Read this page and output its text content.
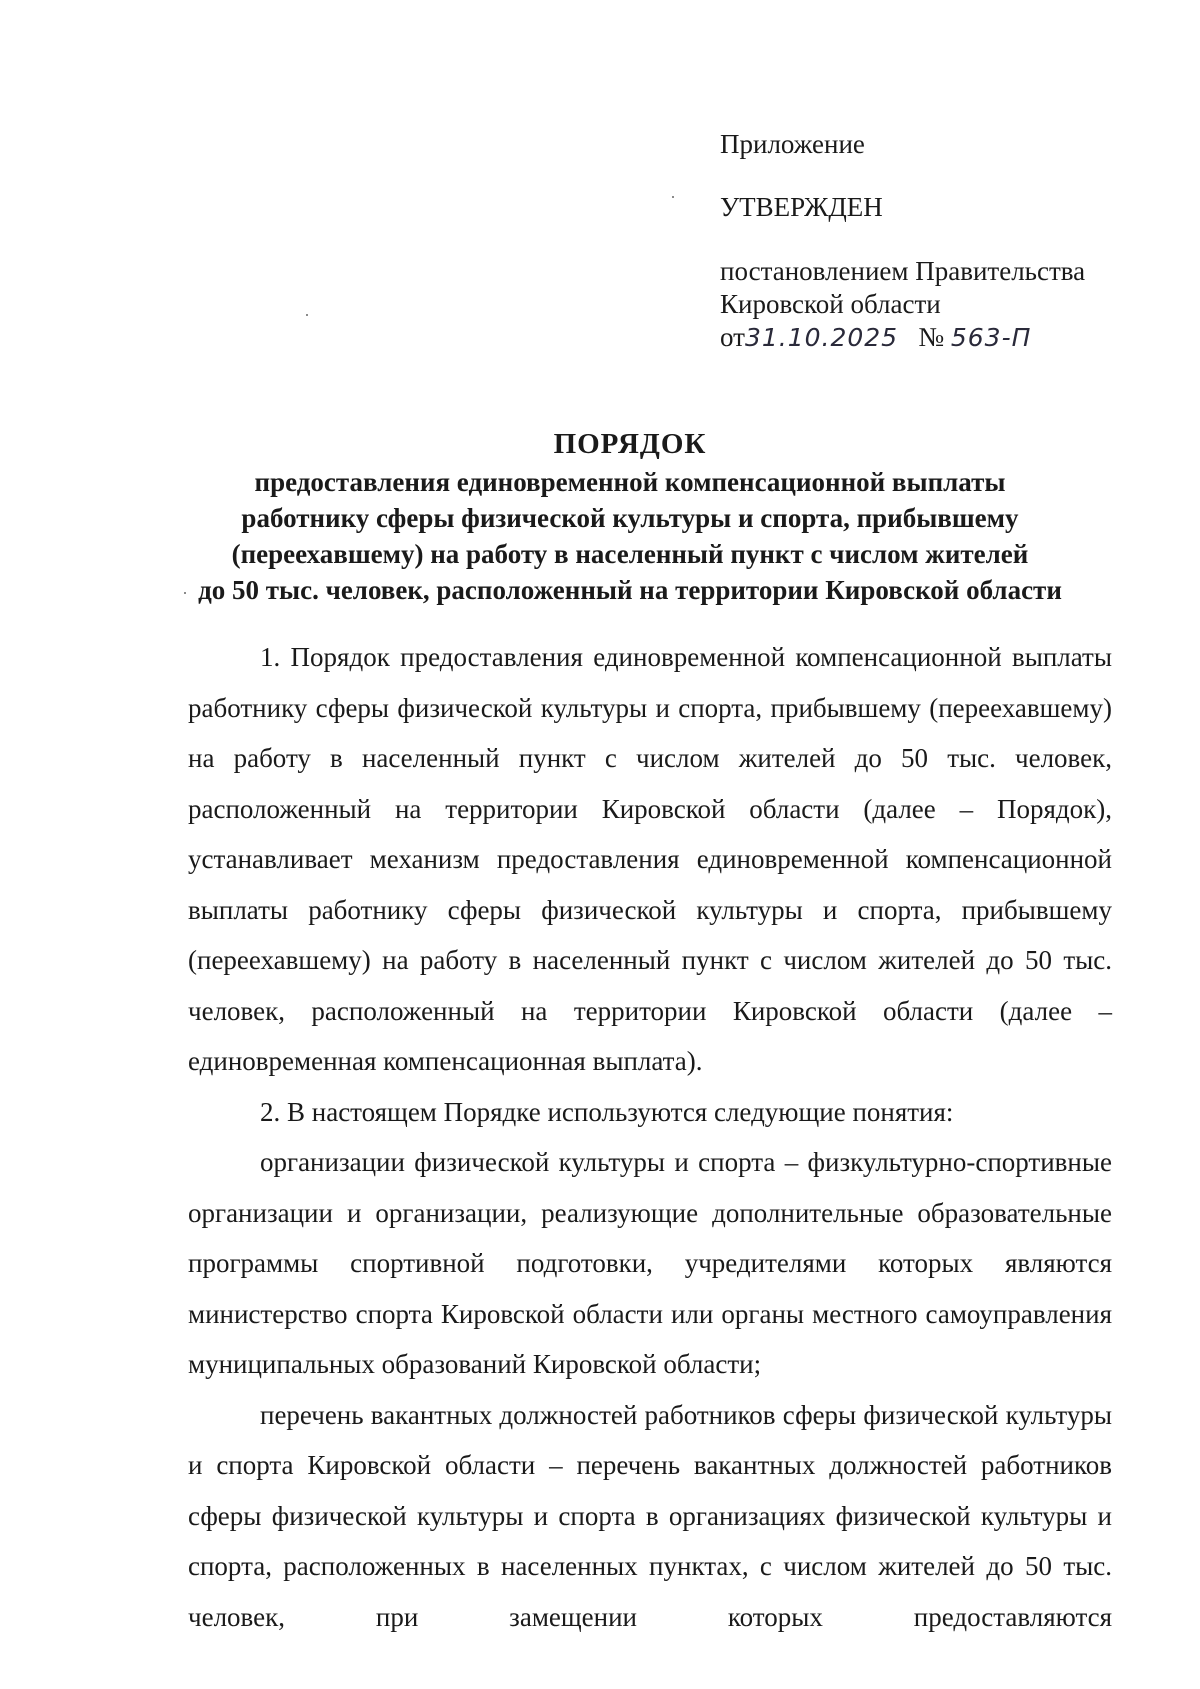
Приложение
УТВЕРЖДЕН
постановлением Правительства
Кировской области
от31.10.2025 № 563-П
ПОРЯДОК
предоставления единовременной компенсационной выплаты
работнику сферы физической культуры и спорта, прибывшему
(переехавшему) на работу в населенный пункт с числом жителей
до 50 тыс. человек, расположенный на территории Кировской области

1. Порядок предоставления единовременной компенсационной выплаты работнику сферы физической культуры и спорта, прибывшему (переехавшему) на работу в населенный пункт с числом жителей до 50 тыс. человек, расположенный на территории Кировской области (далее – Порядок), устанавливает механизм предоставления единовременной компенсационной выплаты работнику сферы физической культуры и спорта, прибывшему (переехавшему) на работу в населенный пункт с числом жителей до 50 тыс. человек, расположенный на территории Кировской области (далее – единовременная компенсационная выплата).

2. В настоящем Порядке используются следующие понятия:

организации физической культуры и спорта – физкультурно-спортивные организации и организации, реализующие дополнительные образовательные программы спортивной подготовки, учредителями которых являются министерство спорта Кировской области или органы местного самоуправления муниципальных образований Кировской области;

перечень вакантных должностей работников сферы физической культуры и спорта Кировской области – перечень вакантных должностей работников сферы физической культуры и спорта в организациях физической культуры и спорта, расположенных в населенных пунктах, с числом жителей до 50 тыс. человек, при замещении которых предоставляются
